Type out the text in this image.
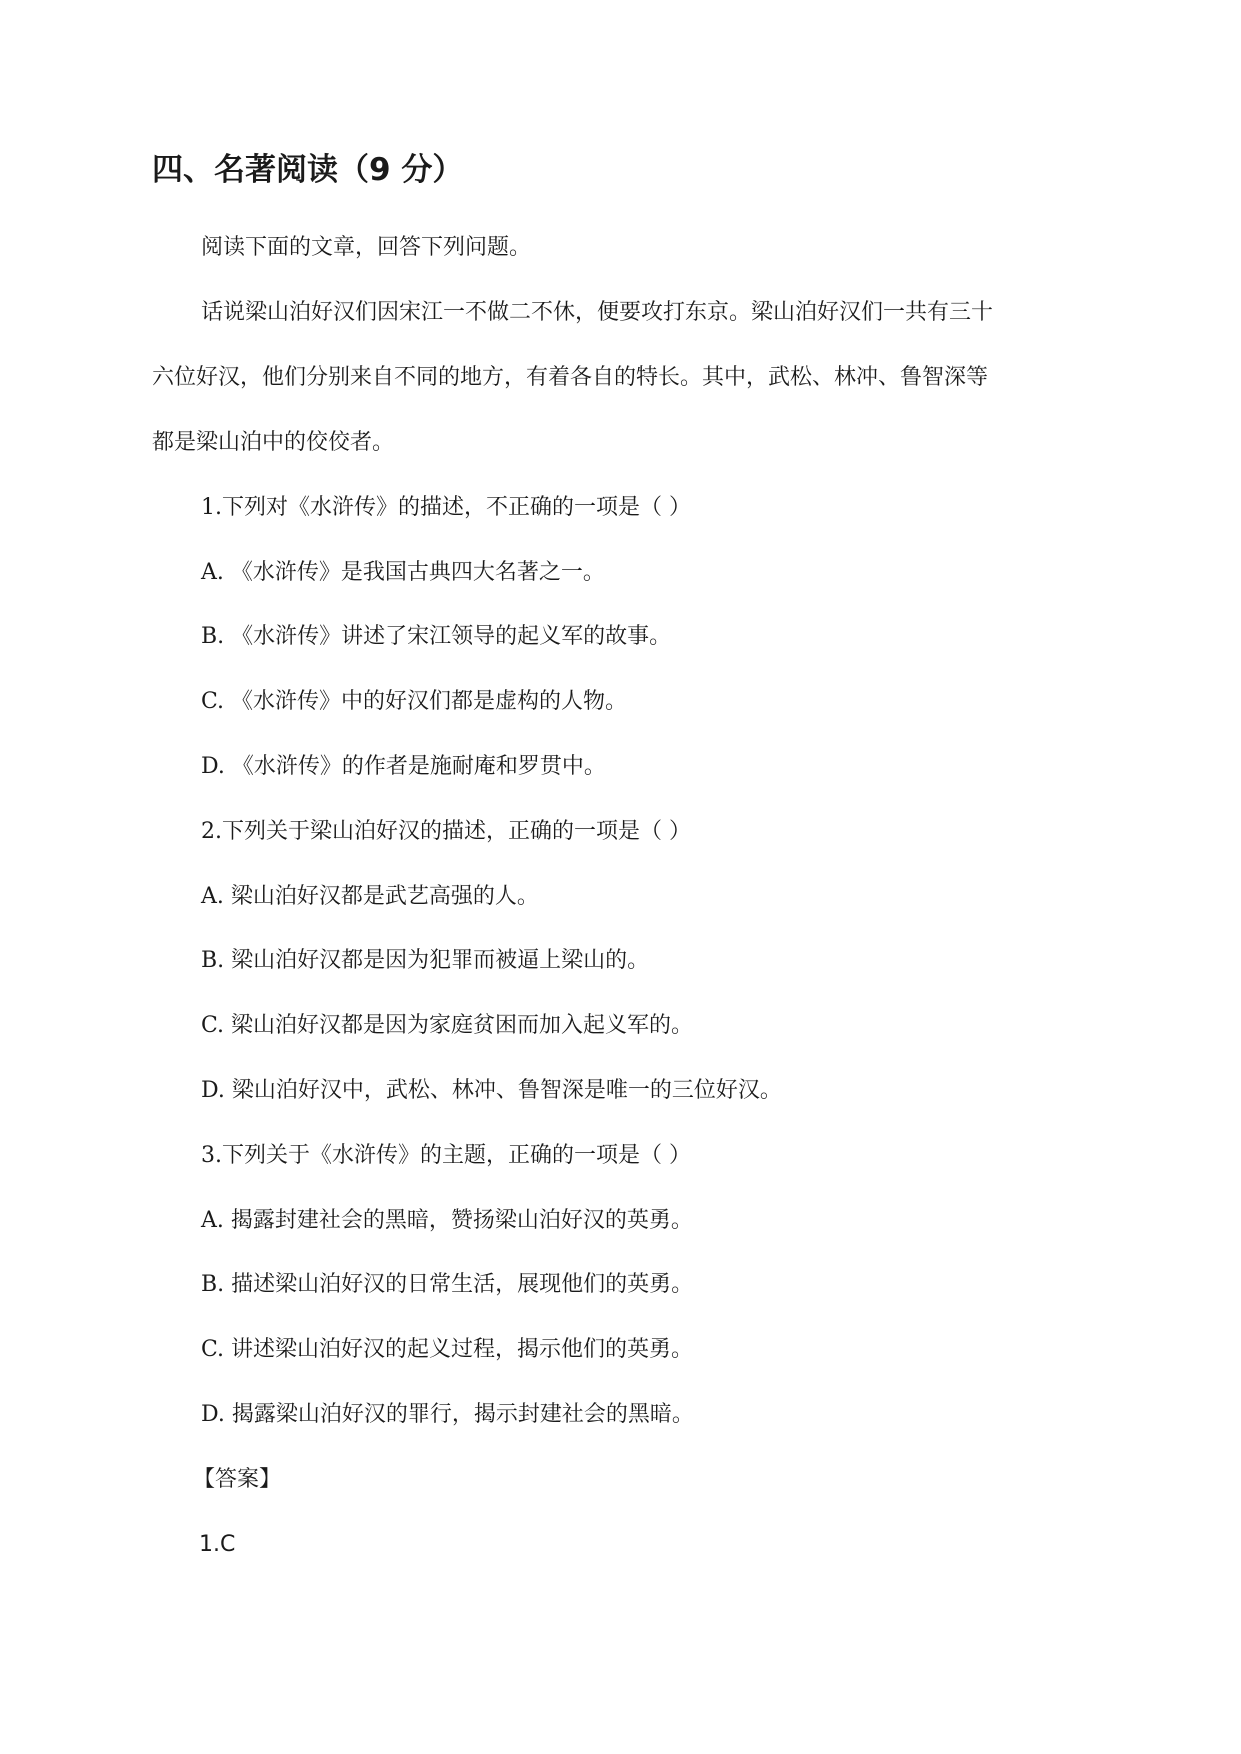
四、名著阅读（9 分）

阅读下面的文章，回答下列问题。

话说梁山泊好汉们因宋江一不做二不休，便要攻打东京。梁山泊好汉们一共有三十

六位好汉，他们分别来自不同的地方，有着各自的特长。其中，武松、林冲、鲁智深等

都是梁山泊中的佼佼者。

1.下列对《水浒传》的描述，不正确的一项是（ ）

A. 《水浒传》是我国古典四大名著之一。

B. 《水浒传》讲述了宋江领导的起义军的故事。

C. 《水浒传》中的好汉们都是虚构的人物。

D. 《水浒传》的作者是施耐庵和罗贯中。

2.下列关于梁山泊好汉的描述，正确的一项是（ ）

A. 梁山泊好汉都是武艺高强的人。

B. 梁山泊好汉都是因为犯罪而被逼上梁山的。

C. 梁山泊好汉都是因为家庭贫困而加入起义军的。

D. 梁山泊好汉中，武松、林冲、鲁智深是唯一的三位好汉。

3.下列关于《水浒传》的主题，正确的一项是（ ）

A. 揭露封建社会的黑暗，赞扬梁山泊好汉的英勇。

B. 描述梁山泊好汉的日常生活，展现他们的英勇。

C. 讲述梁山泊好汉的起义过程，揭示他们的英勇。

D. 揭露梁山泊好汉的罪行，揭示封建社会的黑暗。

【答案】

1.C
